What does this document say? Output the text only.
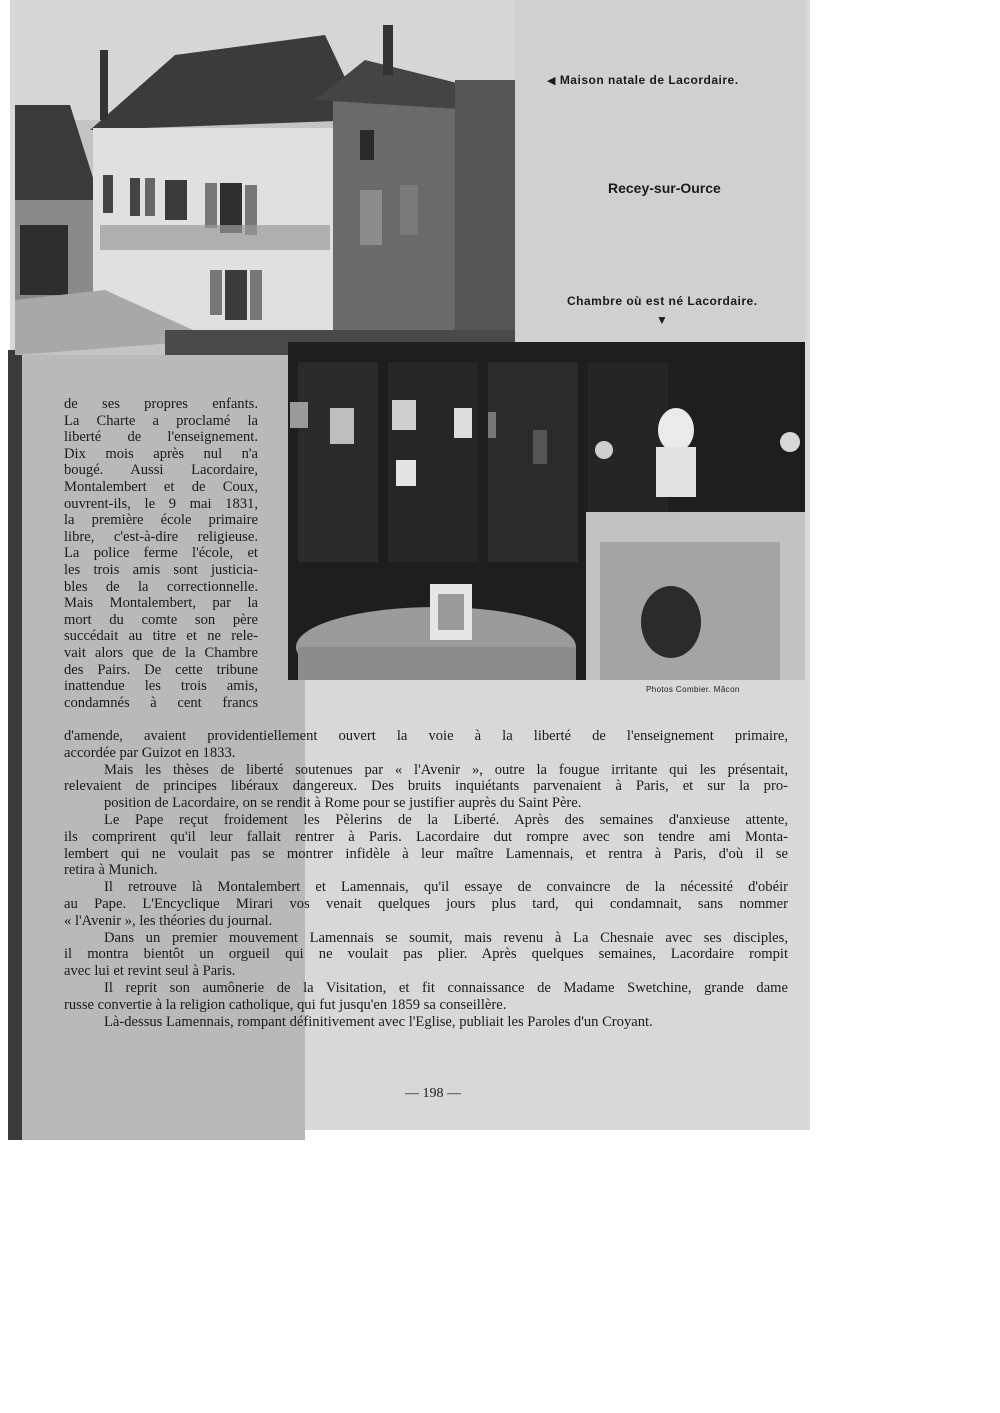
◀ Maison natale de Lacordaire.
Recey-sur-Ource
Chambre où est né Lacordaire.
▼
Photos Combier. Mâcon
de ses propres enfants.
La Charte a proclamé la
liberté de l'enseignement.
Dix mois après nul n'a
bougé. Aussi Lacordaire,
Montalembert et de Coux,
ouvrent-ils, le 9 mai 1831,
la première école primaire
libre, c'est-à-dire religieuse.
La police ferme l'école, et
les trois amis sont justicia-
bles de la correctionnelle.
Mais Montalembert, par la
mort du comte son père
succédait au titre et ne rele-
vait alors que de la Chambre
des Pairs. De cette tribune
inattendue les trois amis,
condamnés à cent francs
d'amende, avaient providentiellement ouvert la voie à la liberté de l'enseignement primaire,
accordée par Guizot en 1833.
Mais les thèses de liberté soutenues par « l'Avenir », outre la fougue irritante qui les présentait,
relevaient de principes libéraux dangereux. Des bruits inquiétants parvenaient à Paris, et sur la pro-
position de Lacordaire, on se rendit à Rome pour se justifier auprès du Saint Père.
Le Pape reçut froidement les Pèlerins de la Liberté. Après des semaines d'anxieuse attente,
ils comprirent qu'il leur fallait rentrer à Paris. Lacordaire dut rompre avec son tendre ami Monta-
lembert qui ne voulait pas se montrer infidèle à leur maître Lamennais, et rentra à Paris, d'où il se
retira à Munich.
Il retrouve là Montalembert et Lamennais, qu'il essaye de convaincre de la nécessité d'obéir
au Pape. L'Encyclique Mirari vos venait quelques jours plus tard, qui condamnait, sans nommer
« l'Avenir », les théories du journal.
Dans un premier mouvement Lamennais se soumit, mais revenu à La Chesnaie avec ses disciples,
il montra bientôt un orgueil qui ne voulait pas plier. Après quelques semaines, Lacordaire rompit
avec lui et revint seul à Paris.
Il reprit son aumônerie de la Visitation, et fit connaissance de Madame Swetchine, grande dame
russe convertie à la religion catholique, qui fut jusqu'en 1859 sa conseillère.
Là-dessus Lamennais, rompant définitivement avec l'Eglise, publiait les Paroles d'un Croyant.
— 198 —
